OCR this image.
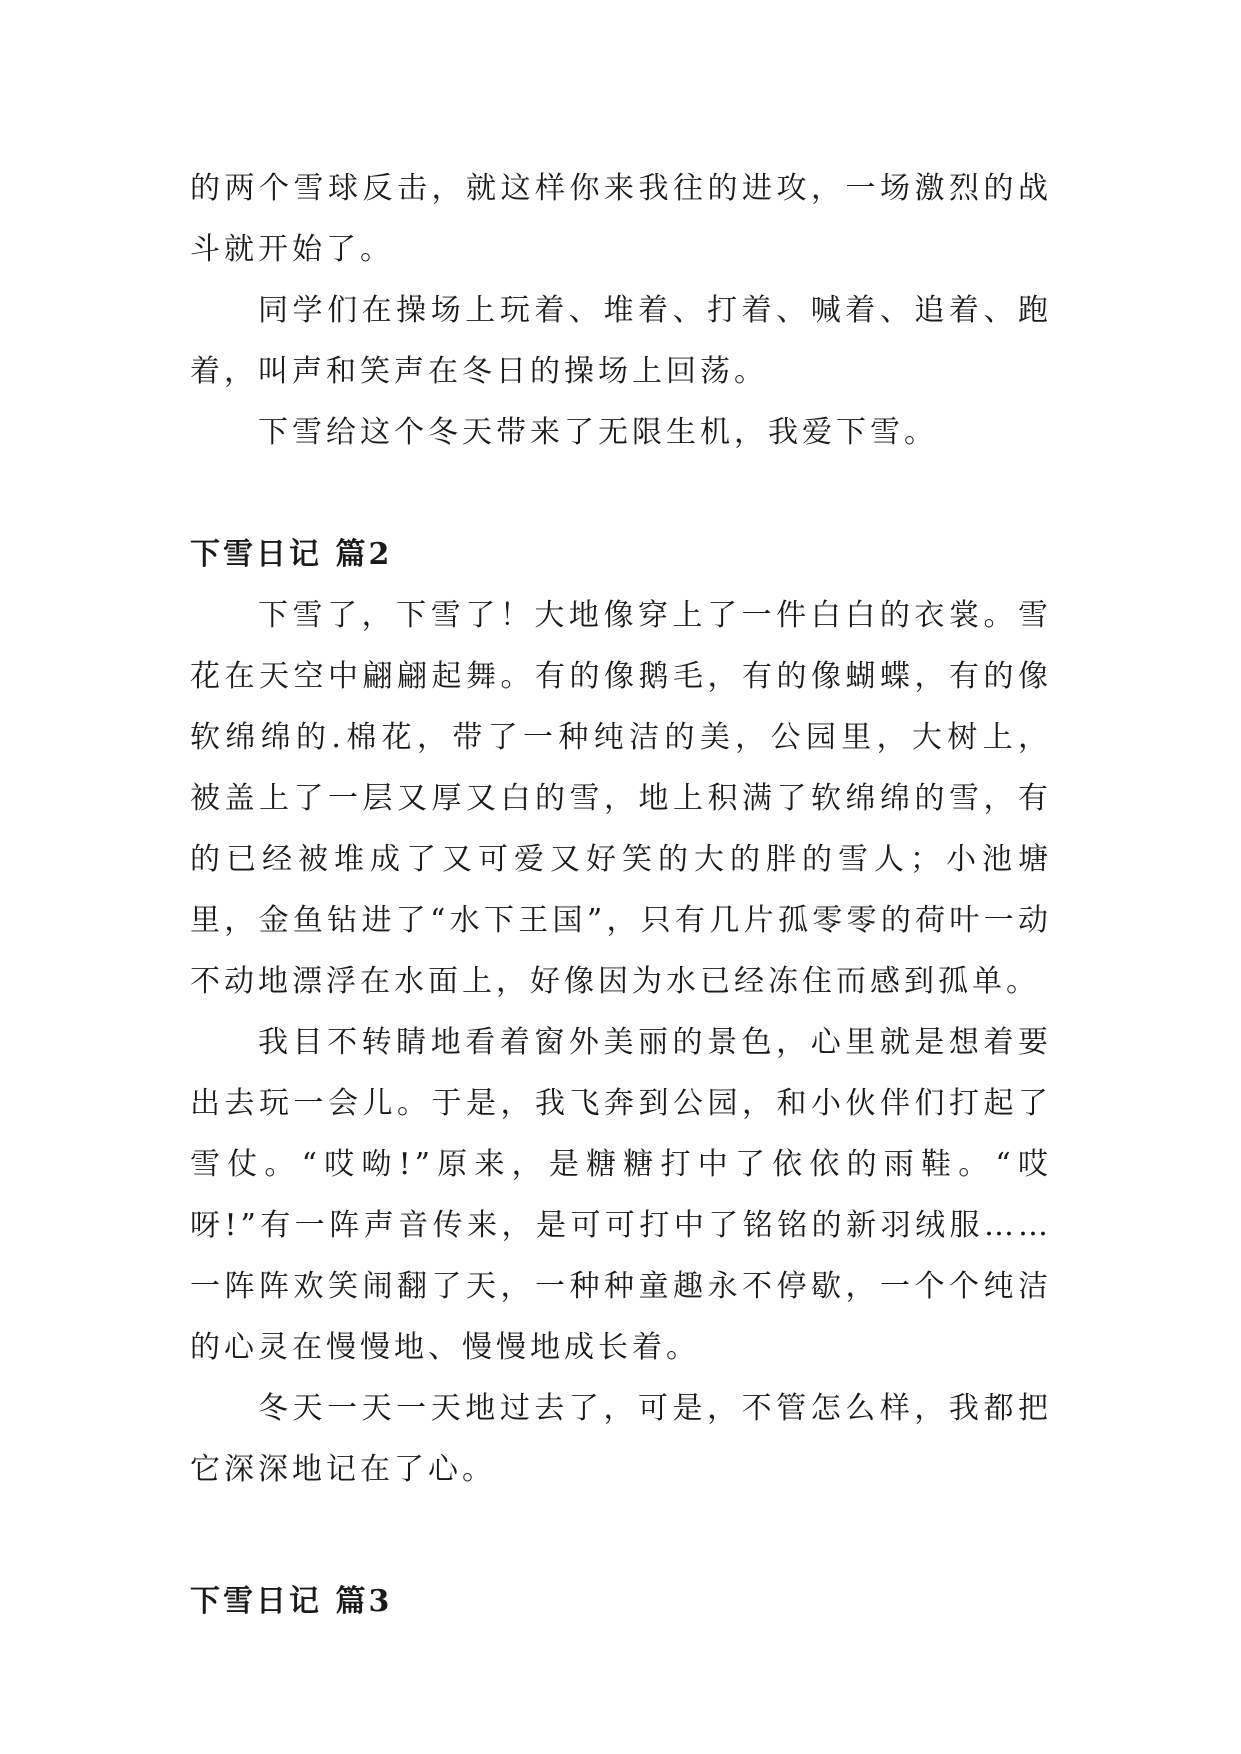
的两个雪球反击，就这样你来我往的进攻，一场激烈的战斗就开始了。

同学们在操场上玩着、堆着、打着、喊着、追着、跑着，叫声和笑声在冬日的操场上回荡。

下雪给这个冬天带来了无限生机，我爱下雪。

下雪日记 篇2

下雪了，下雪了！大地像穿上了一件白白的衣裳。雪花在天空中翩翩起舞。有的像鹅毛，有的像蝴蝶，有的像软绵绵的.棉花，带了一种纯洁的美，公园里，大树上，被盖上了一层又厚又白的雪，地上积满了软绵绵的雪，有的已经被堆成了又可爱又好笑的大的胖的雪人；小池塘里，金鱼钻进了“水下王国”，只有几片孤零零的荷叶一动不动地漂浮在水面上，好像因为水已经冻住而感到孤单。

我目不转睛地看着窗外美丽的景色，心里就是想着要出去玩一会儿。于是，我飞奔到公园，和小伙伴们打起了雪仗。“哎呦!”原来，是糖糖打中了依依的雨鞋。“哎呀!”有一阵声音传来，是可可打中了铭铭的新羽绒服……一阵阵欢笑闹翻了天，一种种童趣永不停歇，一个个纯洁的心灵在慢慢地、慢慢地成长着。

冬天一天一天地过去了，可是，不管怎么样，我都把它深深地记在了心。

下雪日记 篇3
